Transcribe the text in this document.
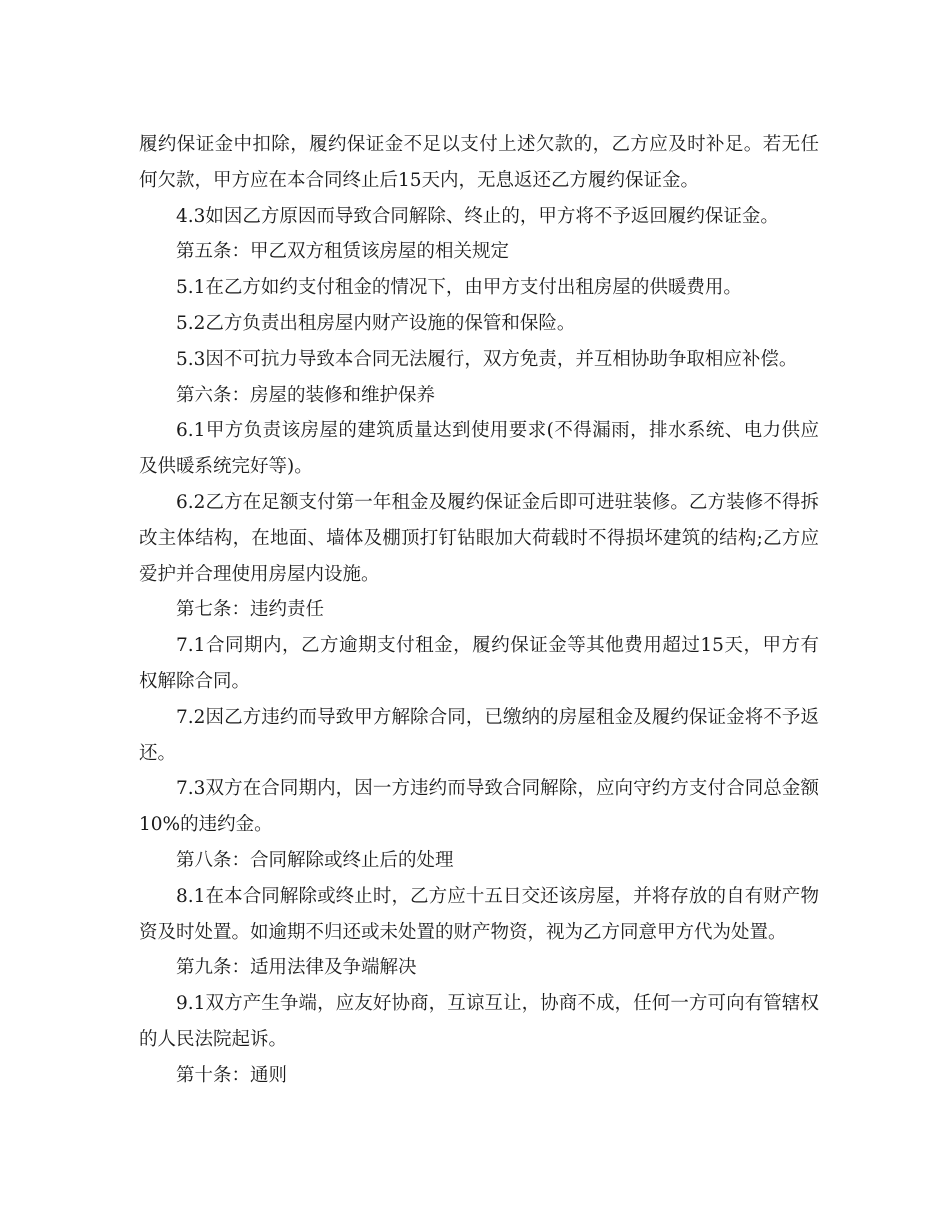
履约保证金中扣除，履约保证金不足以支付上述欠款的，乙方应及时补足。若无任何欠款，甲方应在本合同终止后15天内，无息返还乙方履约保证金。

4.3如因乙方原因而导致合同解除、终止的，甲方将不予返回履约保证金。

第五条：甲乙双方租赁该房屋的相关规定

5.1在乙方如约支付租金的情况下，由甲方支付出租房屋的供暖费用。

5.2乙方负责出租房屋内财产设施的保管和保险。

5.3因不可抗力导致本合同无法履行，双方免责，并互相协助争取相应补偿。

第六条：房屋的装修和维护保养

6.1甲方负责该房屋的建筑质量达到使用要求(不得漏雨，排水系统、电力供应及供暖系统完好等)。

6.2乙方在足额支付第一年租金及履约保证金后即可进驻装修。乙方装修不得拆改主体结构，在地面、墙体及棚顶打钉钻眼加大荷载时不得损坏建筑的结构;乙方应爱护并合理使用房屋内设施。

第七条：违约责任

7.1合同期内，乙方逾期支付租金，履约保证金等其他费用超过15天，甲方有权解除合同。

7.2因乙方违约而导致甲方解除合同，已缴纳的房屋租金及履约保证金将不予返还。

7.3双方在合同期内，因一方违约而导致合同解除，应向守约方支付合同总金额10%的违约金。

第八条：合同解除或终止后的处理

8.1在本合同解除或终止时，乙方应十五日交还该房屋，并将存放的自有财产物资及时处置。如逾期不归还或未处置的财产物资，视为乙方同意甲方代为处置。

第九条：适用法律及争端解决

9.1双方产生争端，应友好协商，互谅互让，协商不成，任何一方可向有管辖权的人民法院起诉。

第十条：通则
